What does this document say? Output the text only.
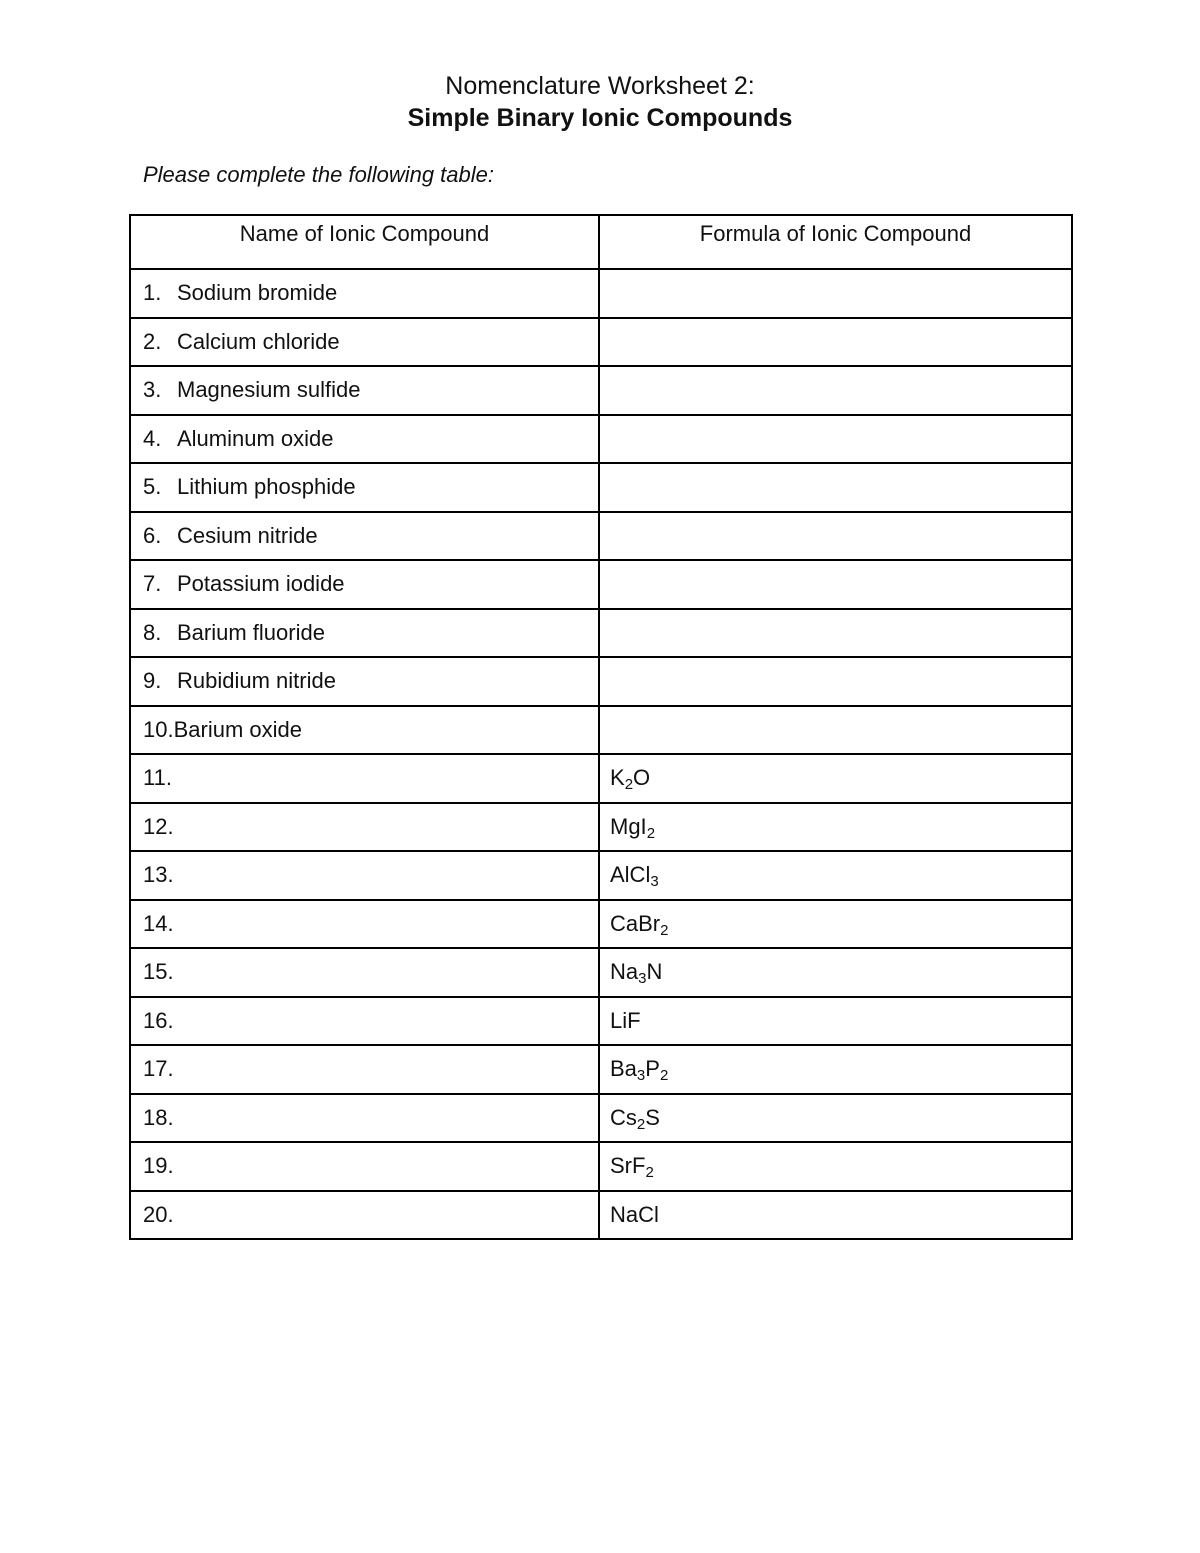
Nomenclature Worksheet 2:
Simple Binary Ionic Compounds
Please complete the following table:
Name of Ionic Compound	Formula of Ionic Compound
1. Sodium bromide	
2. Calcium chloride	
3. Magnesium sulfide	
4. Aluminum oxide	
5. Lithium phosphide	
6. Cesium nitride	
7. Potassium iodide	
8. Barium fluoride	
9. Rubidium nitride	
10.Barium oxide	
11.	$K_2O$
12.	MgI$_2$
13.	AlCl$_3$
14.	CaBr$_2$
15.	$Na_3N$
16.	LiF
17.	$Ba_3P_2$
18.	$Cs_2S$
19.	SrF$_2$
20.	NaCl
